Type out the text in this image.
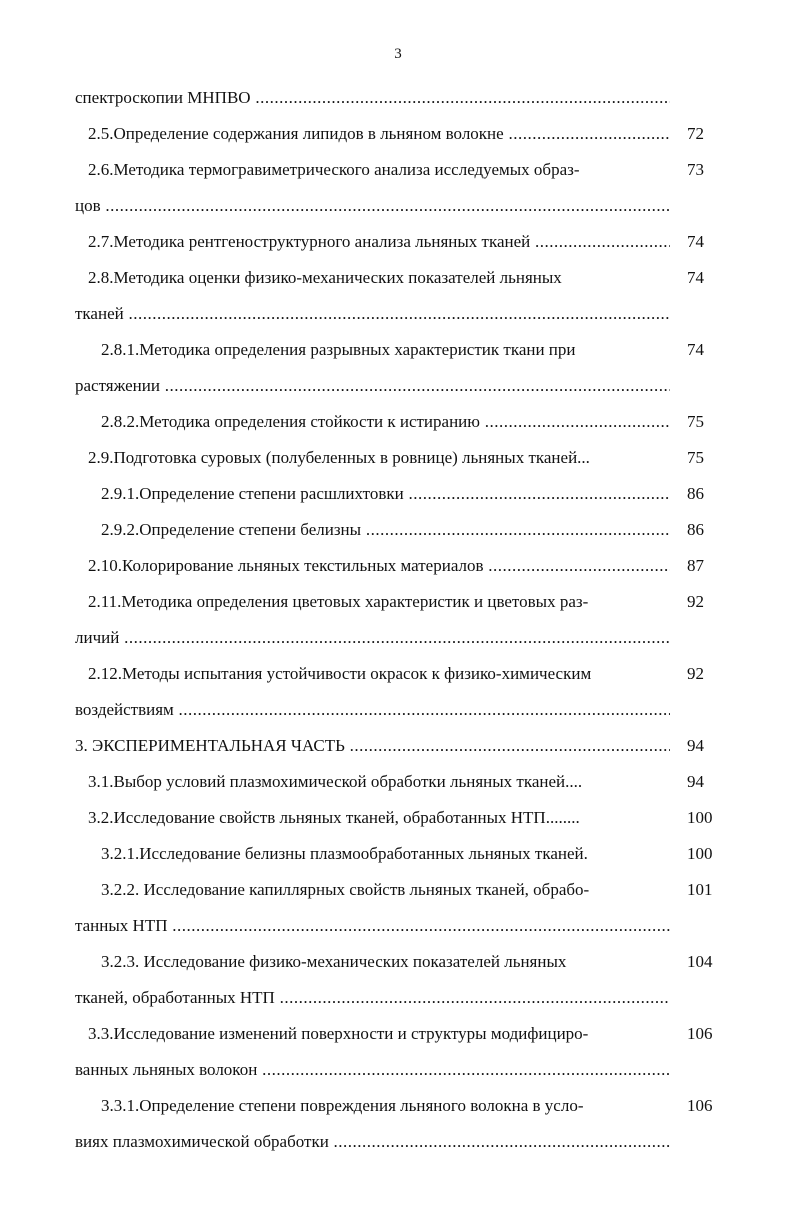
3
спектроскопии МНПВО .....
2.5.Определение содержания липидов в льняном волокне .....	72
2.6.Методика термогравиметрического анализа исследуемых образ-	73
цов .....
2.7.Методика рентгеноструктурного анализа льняных тканей .....	74
2.8.Методика оценки физико-механических показателей льняных	74
тканей .....
2.8.1.Методика определения разрывных характеристик ткани при	74
растяжении .....
2.8.2.Методика определения стойкости к истиранию .....	75
2.9.Подготовка суровых (полубеленных в ровнице) льняных тканей...	75
2.9.1.Определение степени расшлихтовки .....	86
2.9.2.Определение степени белизны .....	86
2.10.Колорирование льняных текстильных материалов .....	87
2.11.Методика определения цветовых характеристик и цветовых раз-	92
личий .....
2.12.Методы испытания устойчивости окрасок к физико-химическим	92
воздействиям .....
3. ЭКСПЕРИМЕНТАЛЬНАЯ ЧАСТЬ .....	94
3.1.Выбор условий плазмохимической обработки льняных тканей....	94
3.2.Исследование свойств льняных тканей, обработанных НТП........	100
3.2.1.Исследование белизны плазмообработанных льняных тканей.	100
3.2.2. Исследование капиллярных свойств льняных тканей, обрабо-	101
танных НТП .....
3.2.3. Исследование физико-механических показателей льняных	104
тканей, обработанных НТП .....
3.3.Исследование изменений поверхности и структуры модифициро-	106
ванных льняных волокон .....
3.3.1.Определение степени повреждения льняного волокна в усло-	106
виях плазмохимической обработки .....
